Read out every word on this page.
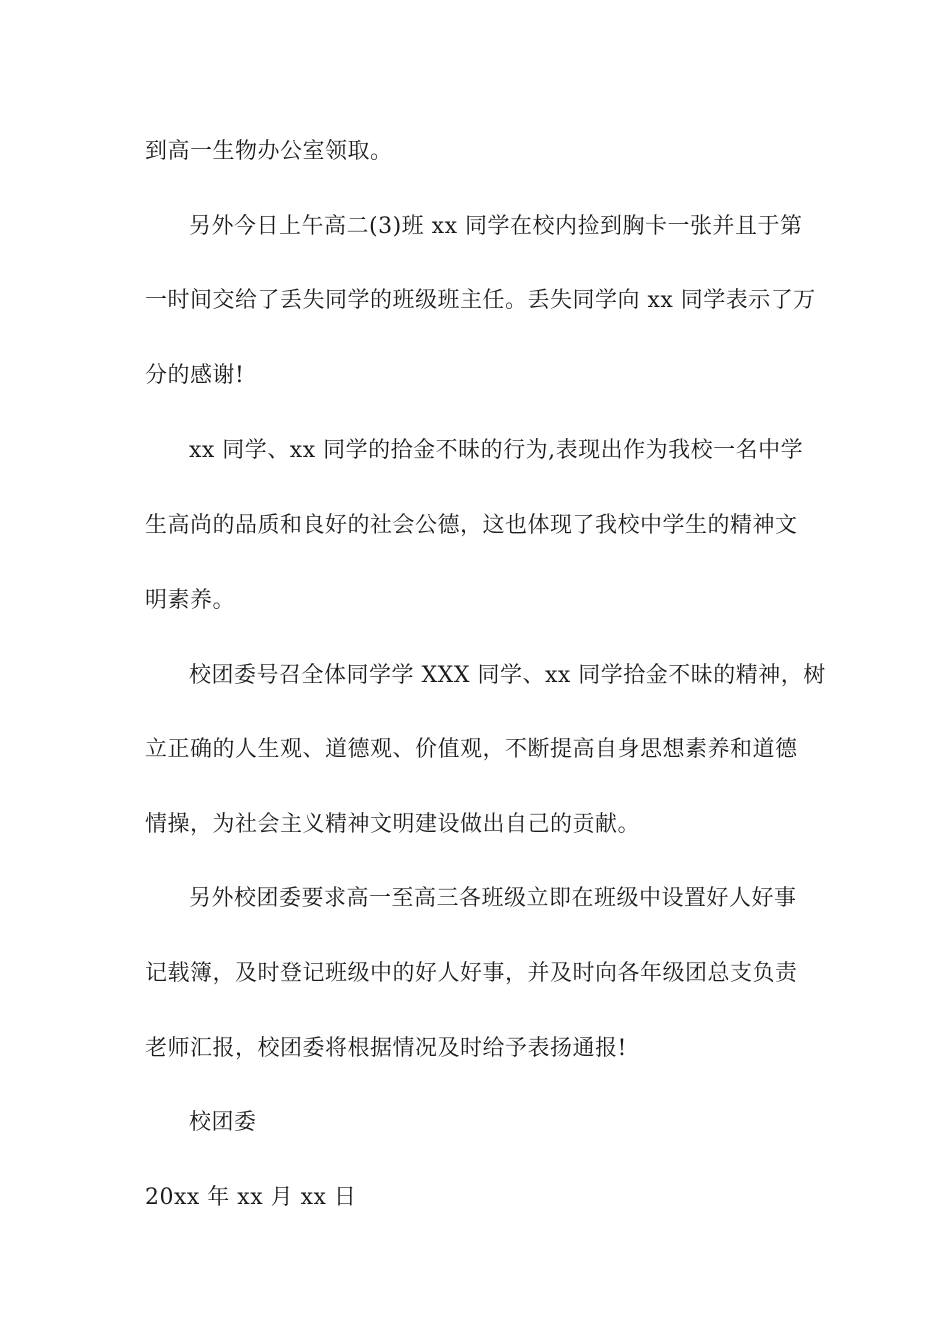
到高一生物办公室领取。
另外今日上午高二(3)班 xx 同学在校内捡到胸卡一张并且于第
一时间交给了丢失同学的班级班主任。丢失同学向 xx 同学表示了万
分的感谢!
xx 同学、xx 同学的拾金不昧的行为,表现出作为我校一名中学
生高尚的品质和良好的社会公德，这也体现了我校中学生的精神文
明素养。
校团委号召全体同学学 XXX 同学、xx 同学拾金不昧的精神，树
立正确的人生观、道德观、价值观，不断提高自身思想素养和道德
情操，为社会主义精神文明建设做出自己的贡献。
另外校团委要求高一至高三各班级立即在班级中设置好人好事
记载簿，及时登记班级中的好人好事，并及时向各年级团总支负责
老师汇报，校团委将根据情况及时给予表扬通报!
校团委
20xx 年 xx 月 xx 日
